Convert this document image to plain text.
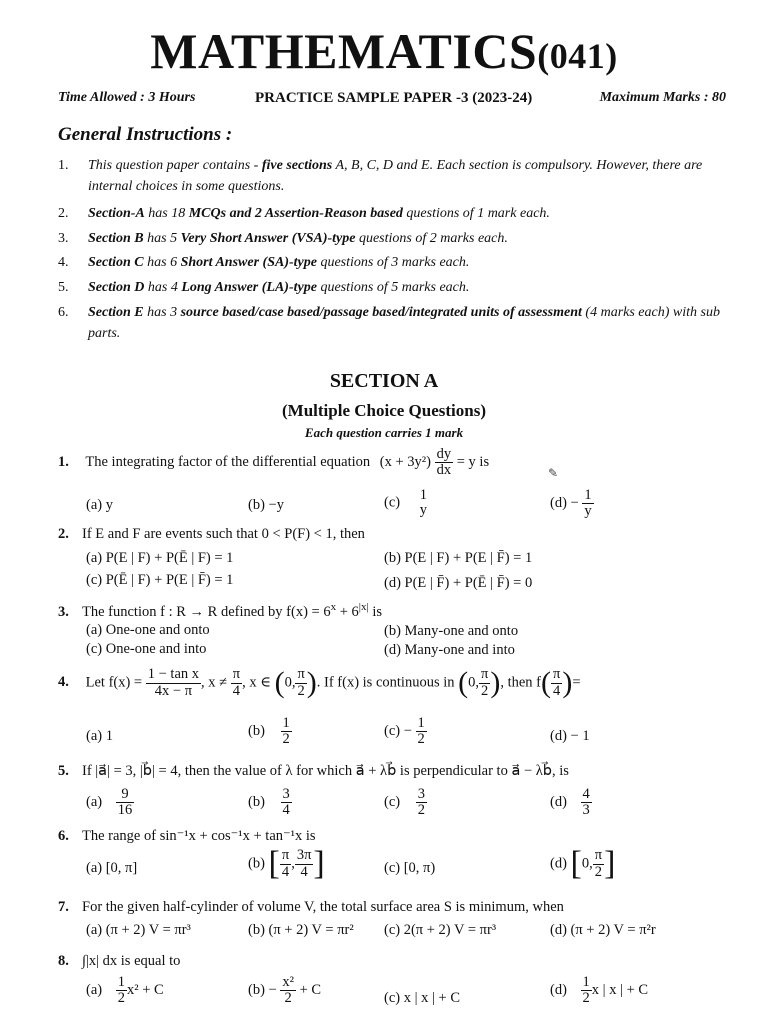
MATHEMATICS(041)
Time Allowed : 3 Hours	PRACTICE SAMPLE PAPER -3 (2023-24)	Maximum Marks : 80
General Instructions :
1. This question paper contains - five sections A, B, C, D and E. Each section is compulsory. However, there are internal choices in some questions.
2. Section-A has 18 MCQs and 2 Assertion-Reason based questions of 1 mark each.
3. Section B has 5 Very Short Answer (VSA)-type questions of 2 marks each.
4. Section C has 6 Short Answer (SA)-type questions of 3 marks each.
5. Section D has 4 Long Answer (LA)-type questions of 5 marks each.
6. Section E has 3 source based/case based/passage based/integrated units of assessment (4 marks each) with sub parts.
SECTION A
(Multiple Choice Questions)
Each question carries 1 mark
1. The integrating factor of the differential equation $(x + 3y^2) \frac{dy}{dx} = y$ is
✎
(a) y	(b) −y	(c) 1
y	$(d) - \frac{1}{y}$
2. If E and F are events such that 0 < P(F) < 1, then
(a) P(E | F) + P(Ē | F) = 1	(b) P(E | F) + P(E | F̄) = 1
(c) P(Ē | F) + P(E | F̄) = 1	(d) P(E | F̄) + P(Ē | F̄) = 0
3. The function f : R → R defined by $f(x) = 6^x + 6^{|x|}$ is
(a) One-one and onto	(b) Many-one and onto
(c) One-one and into	(d) Many-one and into
4. Let $f(x) = \frac{\text{1 − tan x}}{4x - \pi}$ , $x \ne \frac{\pi}{4}$ , x ∈ (0, $\frac{\pi}{2}$ ). If f(x) is continuous in (0, $\frac{\pi}{2}$ ), then $f( \frac{\pi}{4}$ )=
(a) 1	$(b) \frac{1}{2}$	$(c) - \frac{1}{2}$	(d) − 1
5. If |a⃗| = 3, |b⃗| = 4, then the value of λ for which a⃗ + λb⃗ is perpendicular to a⃗ − λb⃗, is
$(a) \frac{9}{16}$	$(b) \frac{3}{4}$	$(c) \frac{3}{2}$	$(d) \frac{4}{3}$
6. The range of sin⁻¹x + cos⁻¹x + tan⁻¹x is
(a) [0, π]	(b) [ $\frac{\pi}{4}$ , $\frac{3\pi}{4}$ ]	(c) [0, π)	(d) [0, $\frac{\pi}{2}$ ]
7. For the given half-cylinder of volume V, the total surface area S is minimum, when
(a) (π + 2) V = πr³	(b) (π + 2) V = πr² (c) 2(π + 2) V = πr³	(d) (π + 2) V = π²r
8. ∫|x| dx is equal to
$(a) \frac{1}{2} x^2 + C$	$(b) - \frac{\text{x²}}{2} + C$	(c) x | x | + C	$(d) \frac{1}{2}$ x | x | + C
